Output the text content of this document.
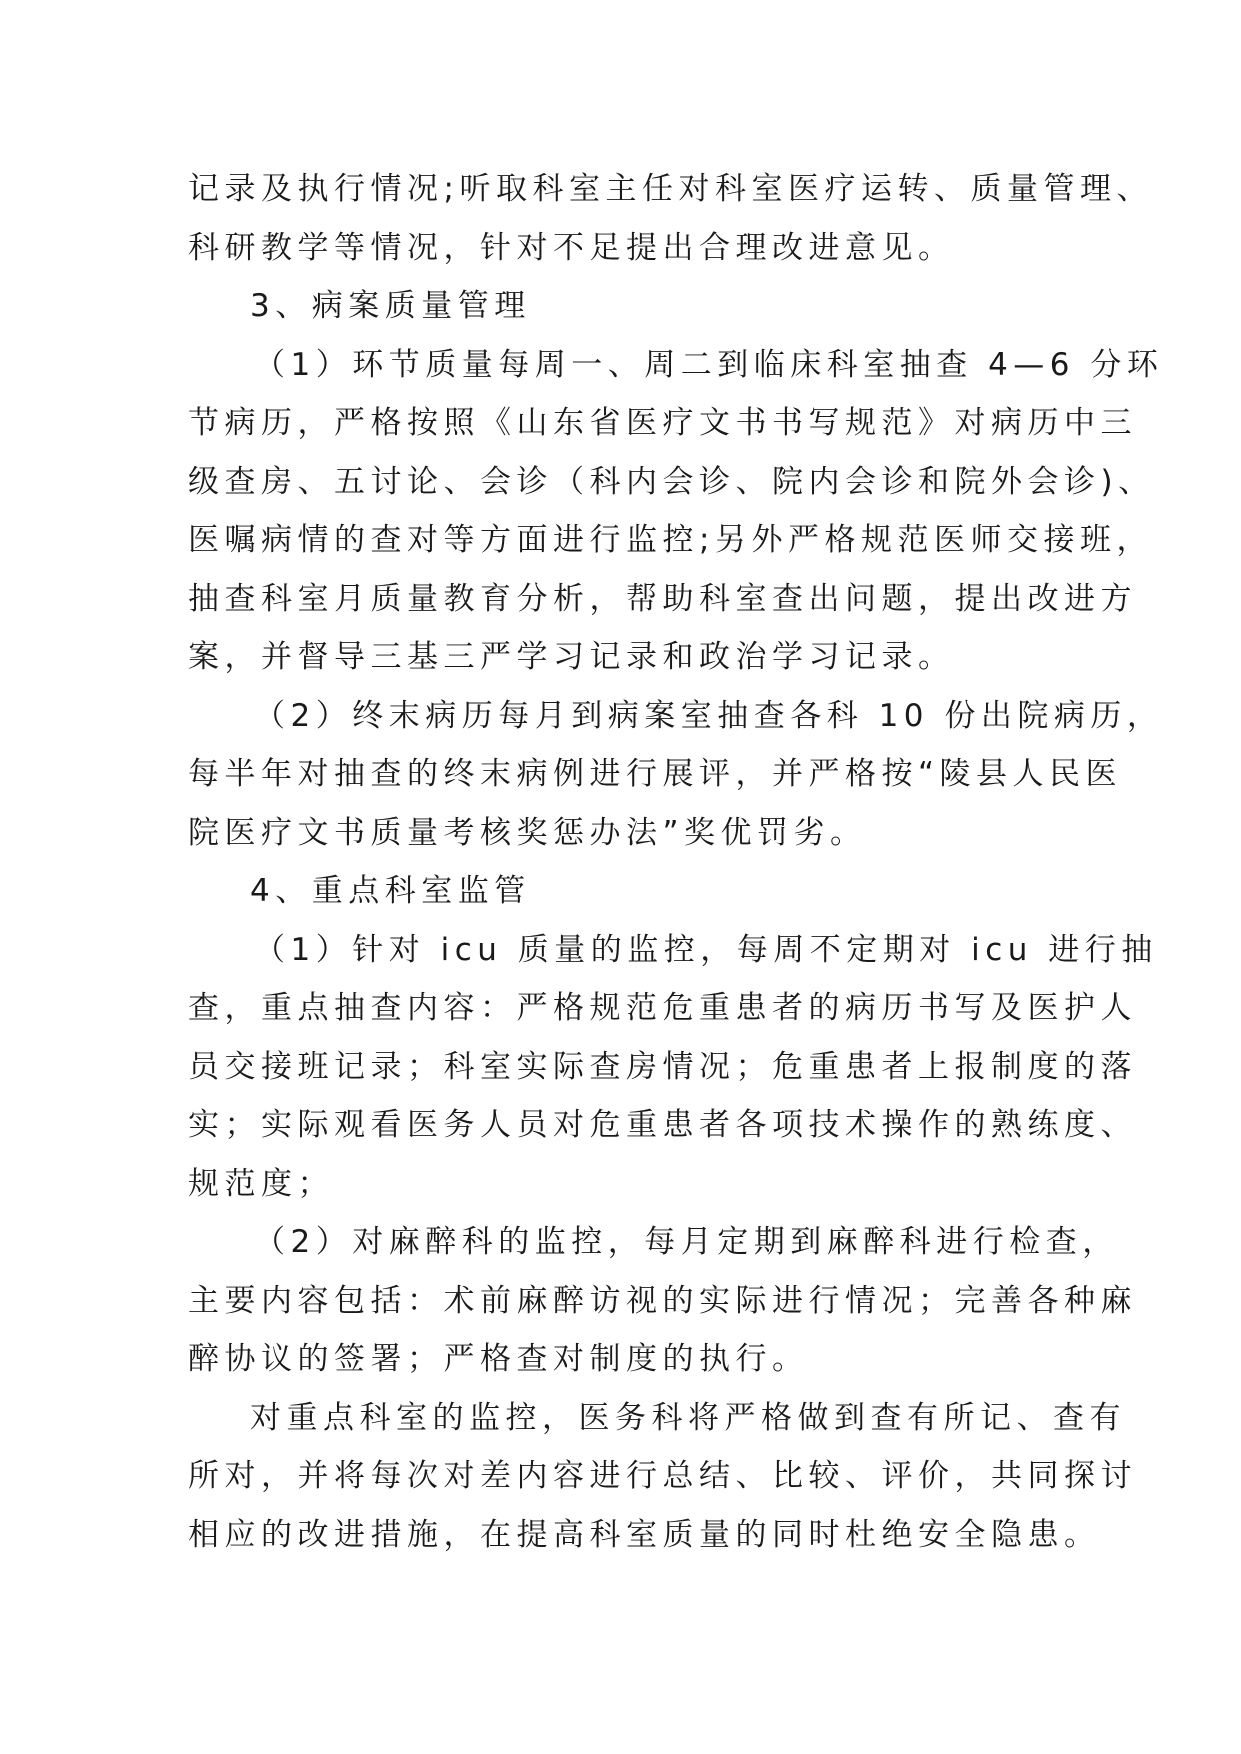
记录及执行情况;听取科室主任对科室医疗运转、质量管理、
科研教学等情况，针对不足提出合理改进意见。
3、病案质量管理
（1）环节质量每周一、周二到临床科室抽查 4—6 分环
节病历，严格按照《山东省医疗文书书写规范》对病历中三
级查房、五讨论、会诊（科内会诊、院内会诊和院外会诊)、
医嘱病情的查对等方面进行监控;另外严格规范医师交接班，
抽查科室月质量教育分析，帮助科室查出问题，提出改进方
案，并督导三基三严学习记录和政治学习记录。
（2）终末病历每月到病案室抽查各科 10 份出院病历，
每半年对抽查的终末病例进行展评，并严格按“陵县人民医
院医疗文书质量考核奖惩办法”奖优罚劣。
4、重点科室监管
（1）针对 icu 质量的监控，每周不定期对 icu 进行抽
查，重点抽查内容：严格规范危重患者的病历书写及医护人
员交接班记录；科室实际查房情况；危重患者上报制度的落
实；实际观看医务人员对危重患者各项技术操作的熟练度、
规范度；
（2）对麻醉科的监控，每月定期到麻醉科进行检查，
主要内容包括：术前麻醉访视的实际进行情况；完善各种麻
醉协议的签署；严格查对制度的执行。
对重点科室的监控，医务科将严格做到查有所记、查有
所对，并将每次对差内容进行总结、比较、评价，共同探讨
相应的改进措施，在提高科室质量的同时杜绝安全隐患。
